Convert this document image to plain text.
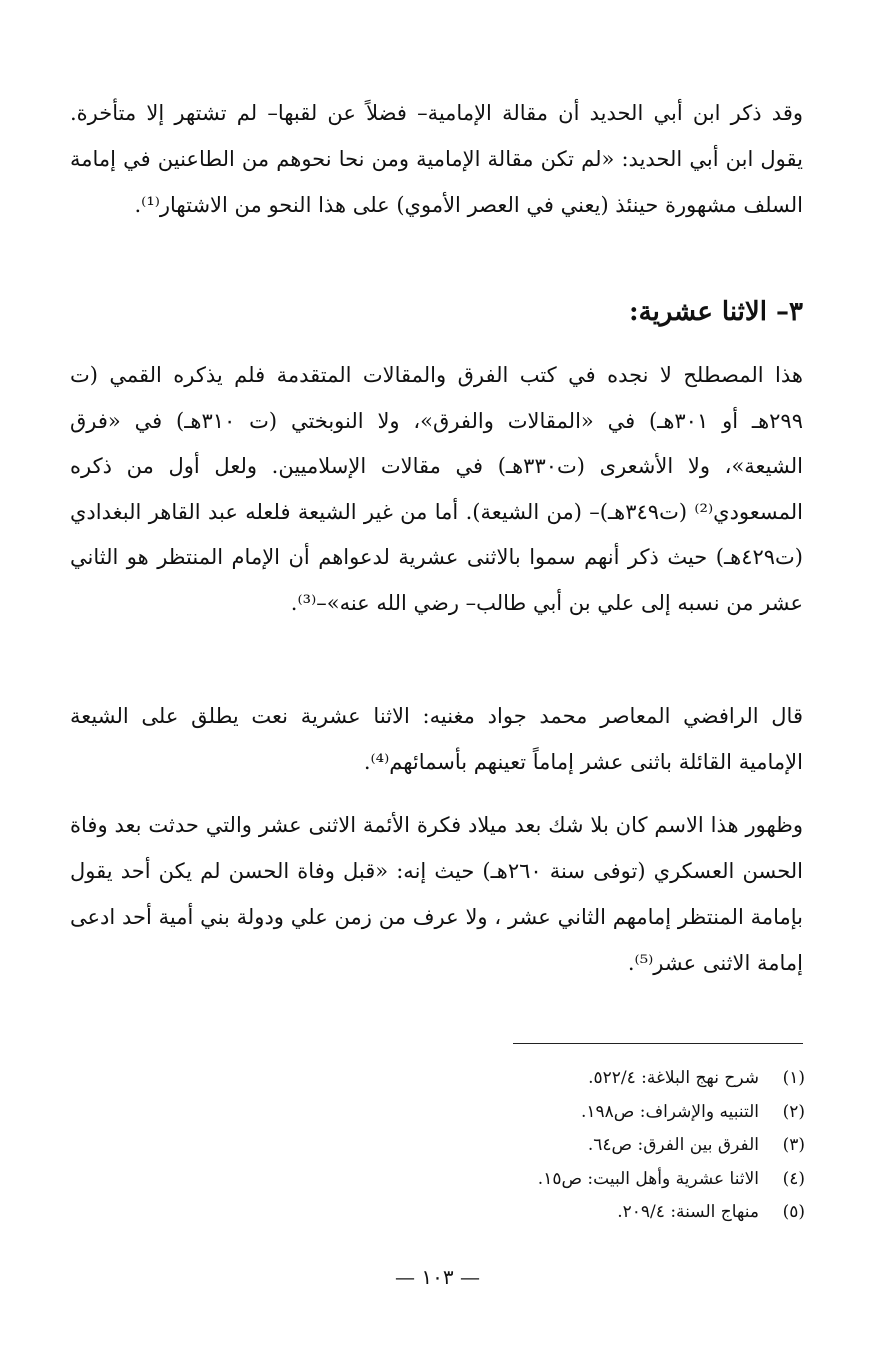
وقد ذكر ابن أبي الحديد أن مقالة الإمامية– فضلاً عن لقبها– لم تشتهر إلا متأخرة. يقول ابن أبي الحديد: «لم تكن مقالة الإمامية ومن نحا نحوهم من الطاعنين في إمامة السلف مشهورة حينئذ (يعني في العصر الأموي) على هذا النحو من الاشتهار⁽¹⁾.

٣– الاثنا عشرية:

هذا المصطلح لا نجده في كتب الفرق والمقالات المتقدمة فلم يذكره القمي (ت ٢٩٩هـ أو ٣٠١هـ) في «المقالات والفرق»، ولا النوبختي (ت ٣١٠هـ) في «فرق الشيعة»، ولا الأشعرى (ت٣٣٠هـ) في مقالات الإسلاميين. ولعل أول من ذكره المسعودي⁽²⁾ (ت٣٤٩هـ)– (من الشيعة). أما من غير الشيعة فلعله عبد القاهر البغدادي (ت٤٢٩هـ) حيث ذكر أنهم سموا بالاثنى عشرية لدعواهم أن الإمام المنتظر هو الثاني عشر من نسبه إلى علي بن أبي طالب– رضي الله عنه»–⁽³⁾.

قال الرافضي المعاصر محمد جواد مغنيه: الاثنا عشرية نعت يطلق على الشيعة الإمامية القائلة باثنى عشر إماماً تعينهم بأسمائهم⁽⁴⁾.

وظهور هذا الاسم كان بلا شك بعد ميلاد فكرة الأئمة الاثنى عشر والتي حدثت بعد وفاة الحسن العسكري (توفى سنة ٢٦٠هـ) حيث إنه: «قبل وفاة الحسن لم يكن أحد يقول بإمامة المنتظر إمامهم الثاني عشر ، ولا عرف من زمن علي ودولة بني أمية أحد ادعى إمامة الاثنى عشر⁽⁵⁾.

(١)شرح نهج البلاغة: ٥٢٢/٤.
(٢)التنبيه والإشراف: ص١٩٨.
(٣)الفرق بين الفرق: ص٦٤.
(٤)الاثنا عشرية وأهل البيت: ص١٥.
(٥)منهاج السنة: ٢٠٩/٤.
— ١٠٣ —
